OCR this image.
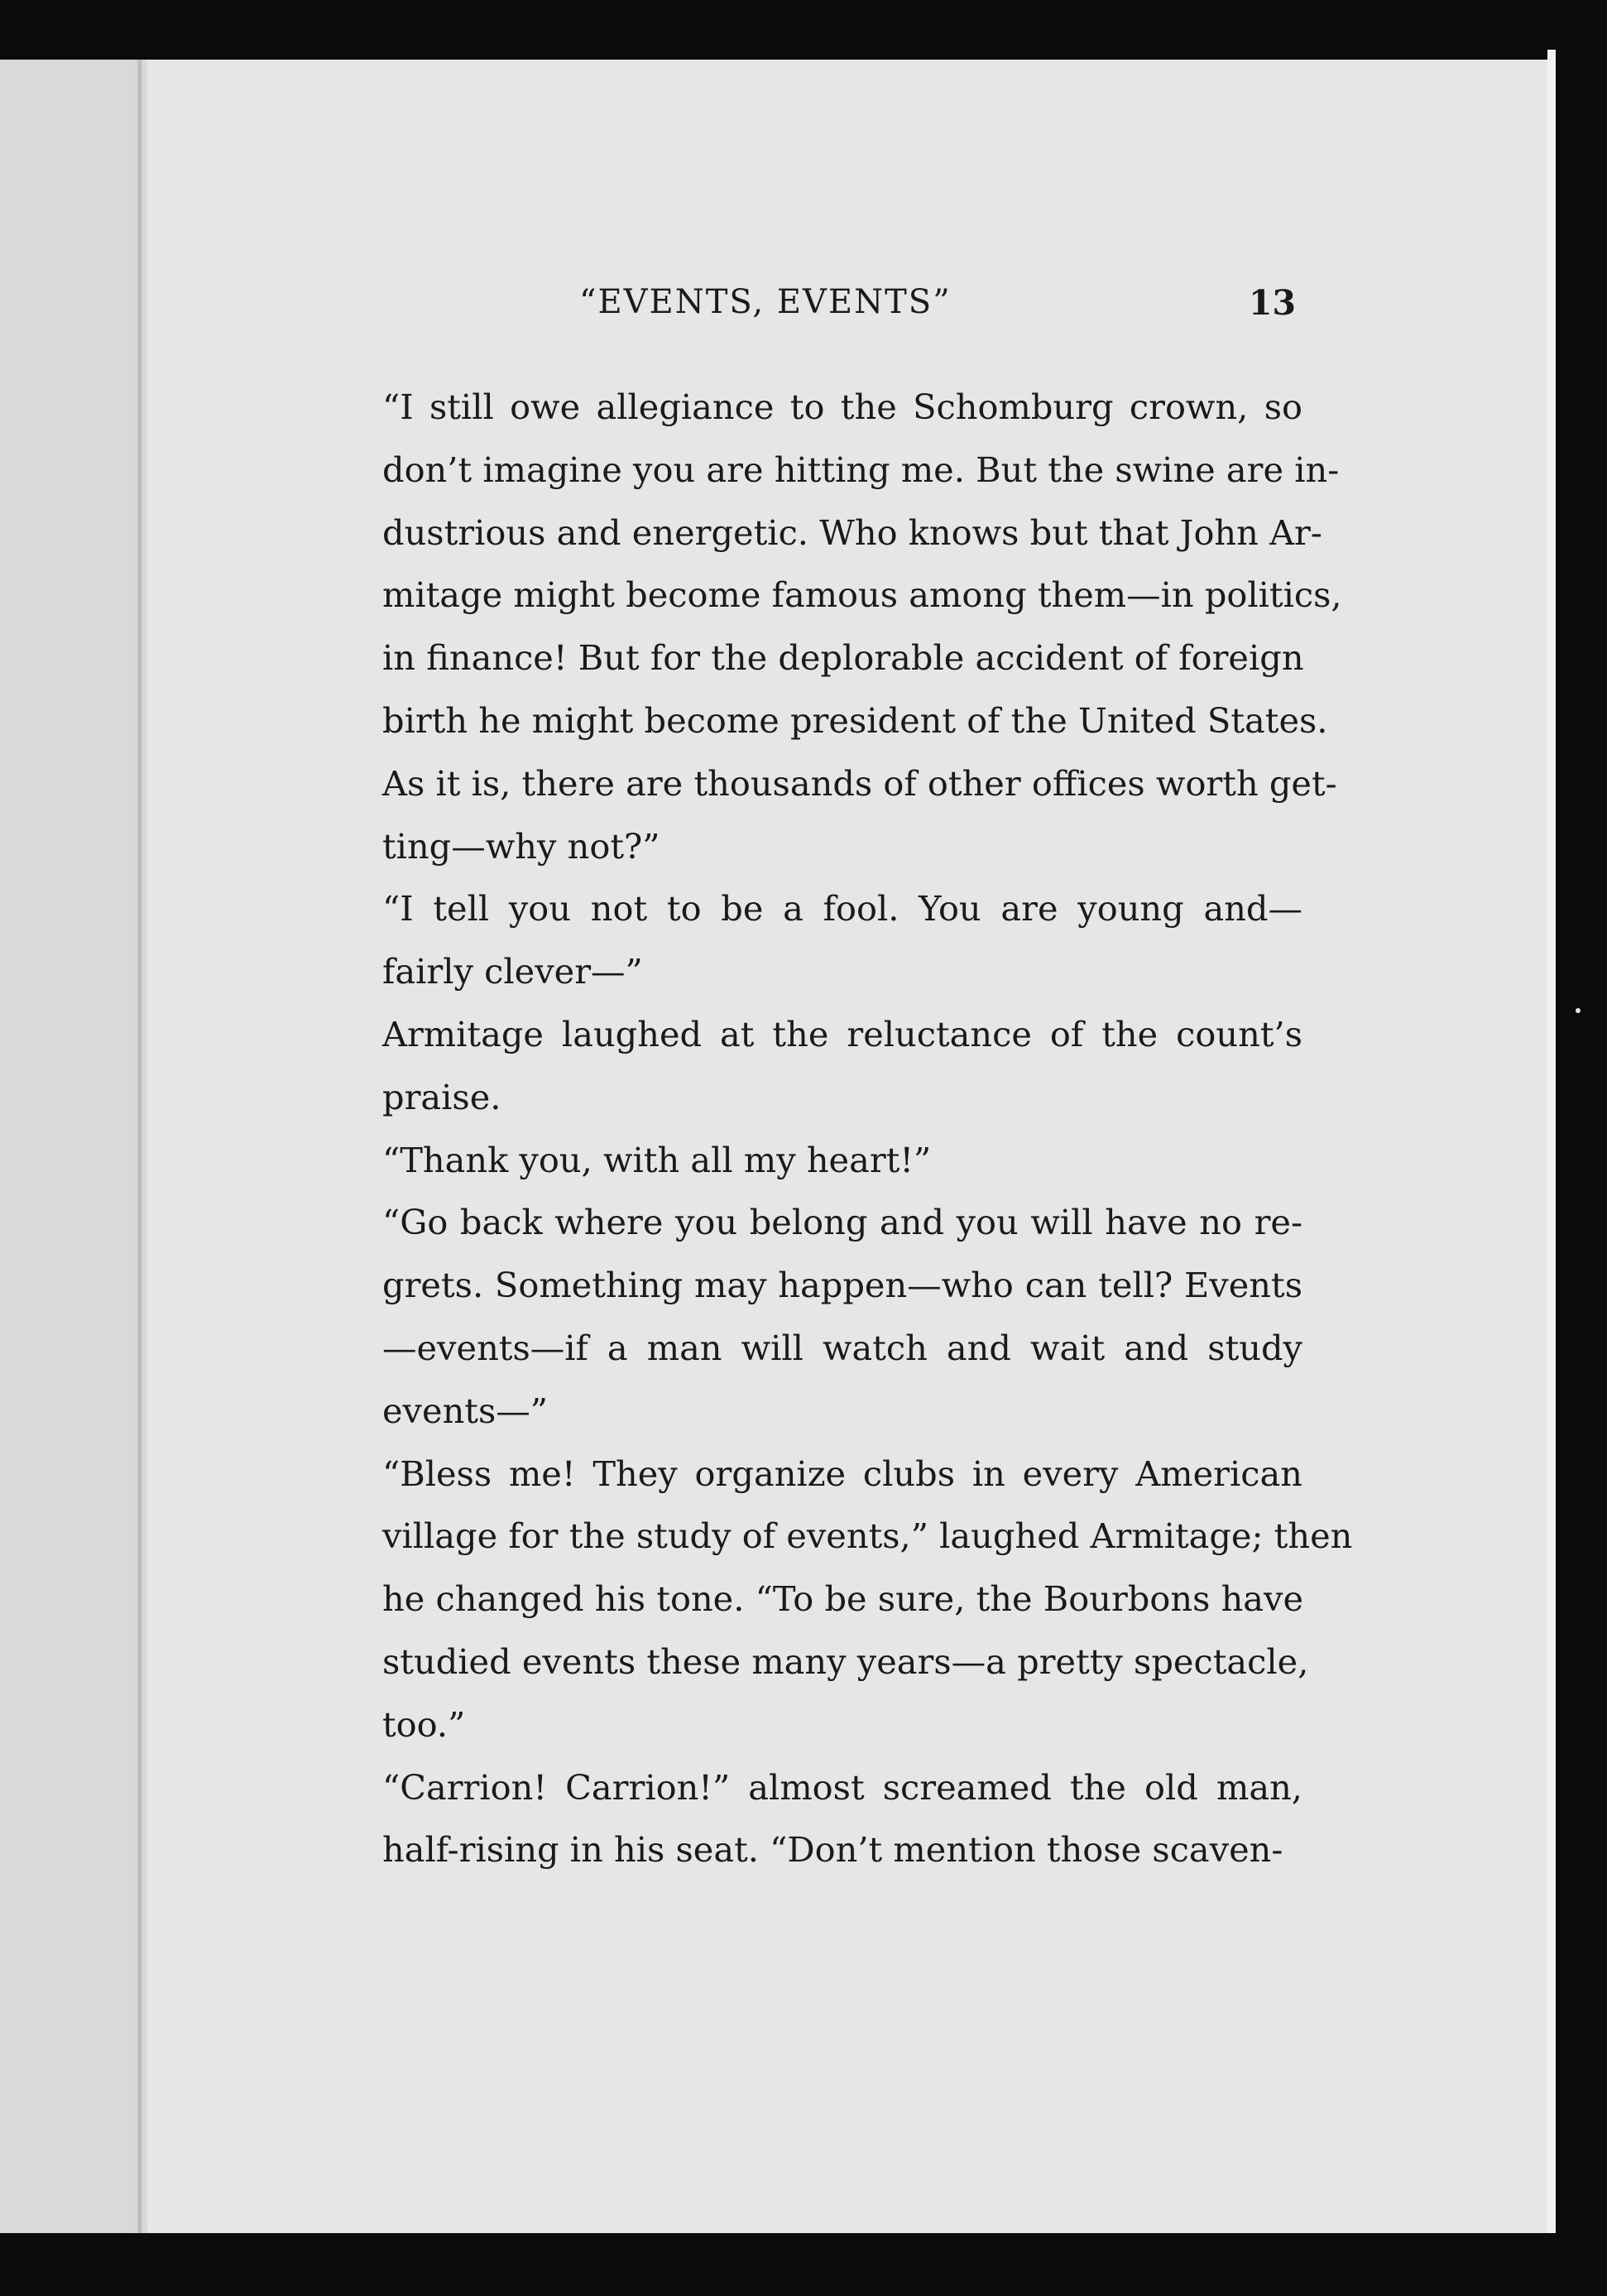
“EVENTS, EVENTS”	13

“I still owe allegiance to the Schomburg crown, so
don’t imagine you are hitting me. But the swine are in-
dustrious and energetic. Who knows but that John Ar-
mitage might become famous among them—in politics,
in finance! But for the deplorable accident of foreign
birth he might become president of the United States.
As it is, there are thousands of other offices worth get-
ting—why not?”

“I tell you not to be a fool. You are young and—
fairly clever—”

Armitage laughed at the reluctance of the count’s
praise.

“Thank you, with all my heart!”

“Go back where you belong and you will have no re-
grets. Something may happen—who can tell? Events
—events—if a man will watch and wait and study
events—”

“Bless me! They organize clubs in every American
village for the study of events,” laughed Armitage; then
he changed his tone. “To be sure, the Bourbons have
studied events these many years—a pretty spectacle,
too.”

“Carrion! Carrion!” almost screamed the old man,
half-rising in his seat. “Don’t mention those scaven-
